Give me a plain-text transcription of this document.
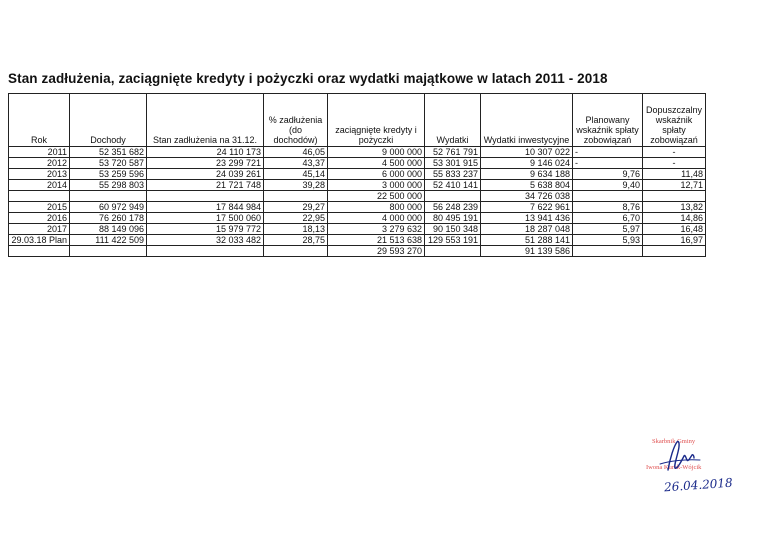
Stan zadłużenia, zaciągnięte kredyty i pożyczki oraz wydatki majątkowe w latach 2011 - 2018
Rok	Dochody	Stan zadłużenia na 31.12.	% zadłużenia (do dochodów)	zaciągnięte kredyty i pożyczki	Wydatki	Wydatki inwestycyjne	Planowany wskaźnik spłaty zobowiązań	Dopuszczalny wskaźnik spłaty zobowiązań
2011	52 351 682	24 110 173	46,05	9 000 000	52 761 791	10 307 022	-	-
2012	53 720 587	23 299 721	43,37	4 500 000	53 301 915	9 146 024	-	-
2013	53 259 596	24 039 261	45,14	6 000 000	55 833 237	9 634 188	9,76	11,48
2014	55 298 803	21 721 748	39,28	3 000 000	52 410 141	5 638 804	9,40	12,71
				22 500 000		34 726 038		
2015	60 972 949	17 844 984	29,27	800 000	56 248 239	7 622 961	8,76	13,82
2016	76 260 178	17 500 060	22,95	4 000 000	80 495 191	13 941 436	6,70	14,86
2017	88 149 096	15 979 772	18,13	3 279 632	90 150 348	18 287 048	5,97	16,48
29.03.18 Plan	111 422 509	32 033 482	28,75	21 513 638	129 553 191	51 288 141	5,93	16,97
				29 593 270		91 139 586		
Skarbnik Gminy
Iwona Kurek-Wójcik
26.04.2018
